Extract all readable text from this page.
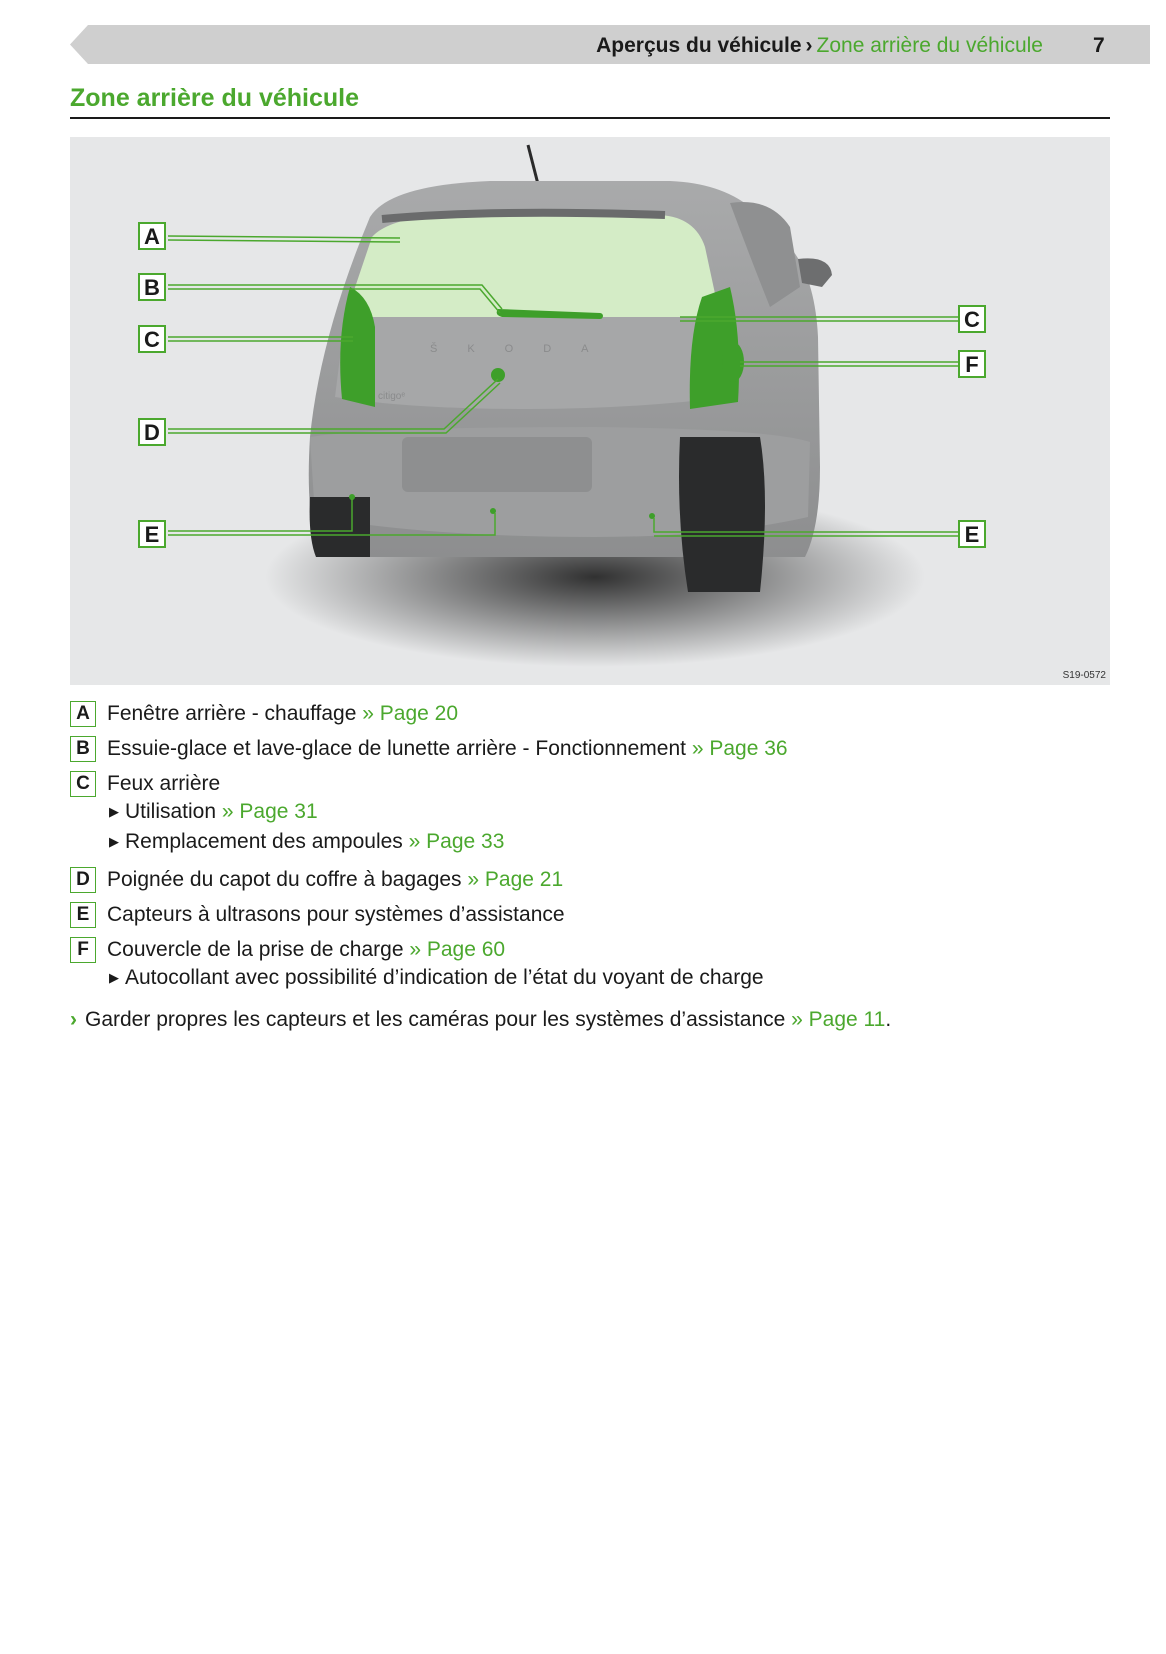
Aperçus du véhicule › Zone arrière du véhicule 7
Zone arrière du véhicule
ŠKODA
citigoᵉ
A
B
C
D
E
C
F
E
S19-0572
A Fenêtre arrière - chauffage » Page 20
B Essuie-glace et lave-glace de lunette arrière - Fonctionnement » Page 36
C Feux arrière
▶ Utilisation
» Page 31
▶ Remplacement des ampoules
» Page 33
D Poignée du capot du coffre à bagages » Page 21
E Capteurs à ultrasons pour systèmes d’assistance
F Couvercle de la prise de charge » Page 60
▶ Autocollant avec possibilité d’indication de l’état du voyant de charge
› Garder propres les capteurs et les caméras pour les systèmes d’assistance » Page 11.
